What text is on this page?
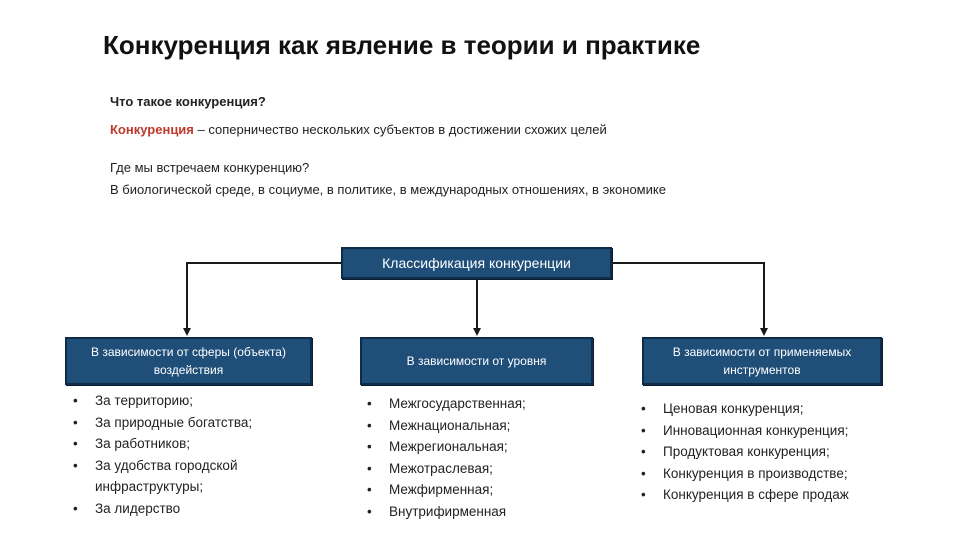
Конкуренция как явление в теории и практике
Что такое конкуренция?
Конкуренция – соперничество нескольких субъектов в достижении схожих целей
Где мы встречаем конкуренцию?
В биологической среде, в социуме, в политике, в международных отношениях, в экономике
Классификация конкуренции
В зависимости от сферы (объекта) воздействия
В зависимости от уровня
В зависимости от применяемых инструментов
• За территорию;
• За природные богатства;
• За работников;
• За удобства городской инфраструктуры;
• За лидерство
• Межгосударственная;
• Межнациональная;
• Межрегиональная;
• Межотраслевая;
• Межфирменная;
• Внутрифирменная
• Ценовая конкуренция;
• Инновационная конкуренция;
• Продуктовая конкуренция;
• Конкуренция в производстве;
• Конкуренция в сфере продаж
